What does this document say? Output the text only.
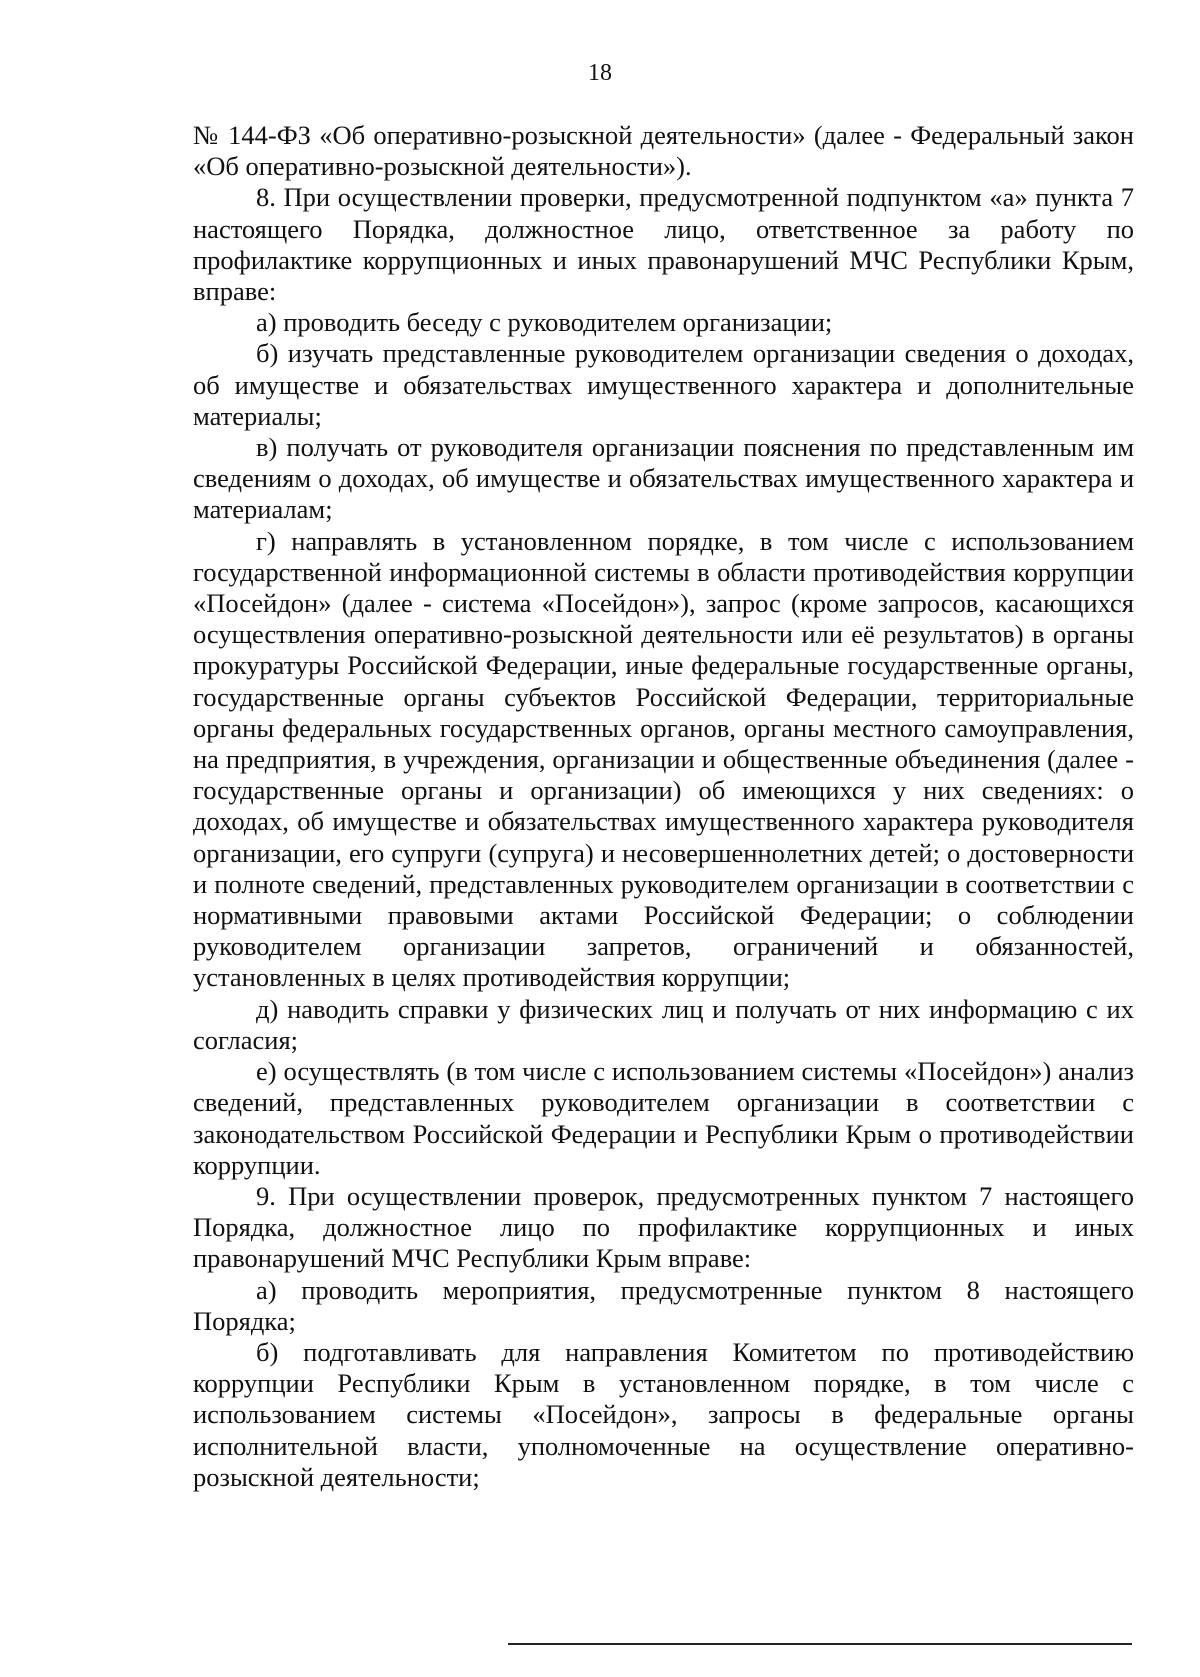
18

№ 144-ФЗ «Об оперативно-розыскной деятельности» (далее - Федеральный закон «Об оперативно-розыскной деятельности»).

8. При осуществлении проверки, предусмотренной подпунктом «а» пункта 7 настоящего Порядка, должностное лицо, ответственное за работу по профилактике коррупционных и иных правонарушений МЧС Республики Крым, вправе:

а) проводить беседу с руководителем организации;

б) изучать представленные руководителем организации сведения о доходах, об имуществе и обязательствах имущественного характера и дополнительные материалы;

в) получать от руководителя организации пояснения по представленным им сведениям о доходах, об имуществе и обязательствах имущественного характера и материалам;

г) направлять в установленном порядке, в том числе с использованием государственной информационной системы в области противодействия коррупции «Посейдон» (далее - система «Посейдон»), запрос (кроме запросов, касающихся осуществления оперативно-розыскной деятельности или её результатов) в органы прокуратуры Российской Федерации, иные федеральные государственные органы, государственные органы субъектов Российской Федерации, территориальные органы федеральных государственных органов, органы местного самоуправления, на предприятия, в учреждения, организации и общественные объединения (далее - государственные органы и организации) об имеющихся у них сведениях: о доходах, об имуществе и обязательствах имущественного характера руководителя организации, его супруги (супруга) и несовершеннолетних детей; о достоверности и полноте сведений, представленных руководителем организации в соответствии с нормативными правовыми актами Российской Федерации; о соблюдении руководителем организации запретов, ограничений и обязанностей, установленных в целях противодействия коррупции;

д) наводить справки у физических лиц и получать от них информацию с их согласия;

е) осуществлять (в том числе с использованием системы «Посейдон») анализ сведений, представленных руководителем организации в соответствии с законодательством Российской Федерации и Республики Крым о противодействии коррупции.

9. При осуществлении проверок, предусмотренных пунктом 7 настоящего Порядка, должностное лицо по профилактике коррупционных и иных правонарушений МЧС Республики Крым вправе:

а) проводить мероприятия, предусмотренные пунктом 8 настоящего Порядка;

б) подготавливать для направления Комитетом по противодействию коррупции Республики Крым в установленном порядке, в том числе с использованием системы «Посейдон», запросы в федеральные органы исполнительной власти, уполномоченные на осуществление оперативно-розыскной деятельности;
